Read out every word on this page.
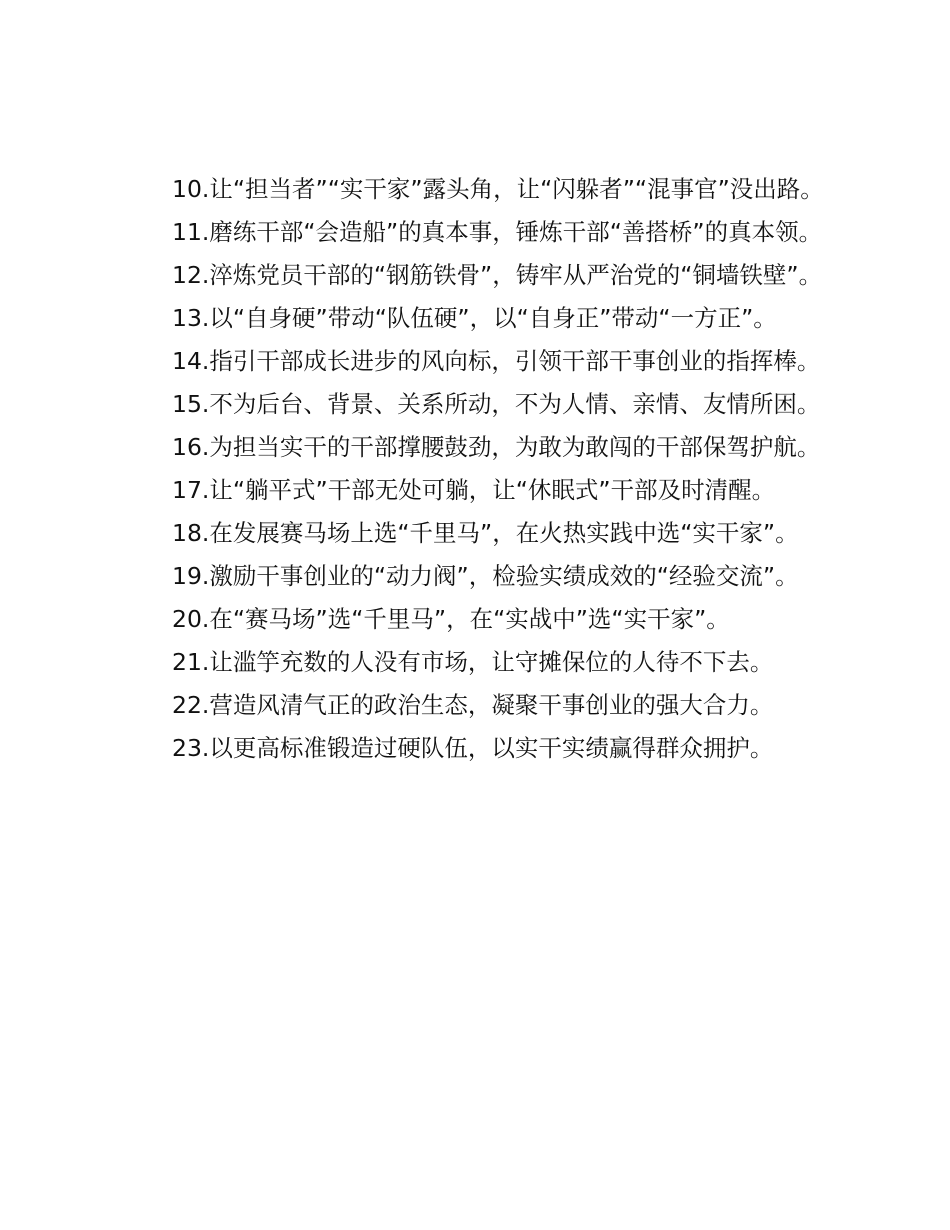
10.让“担当者”“实干家”露头角，让“闪躲者”“混事官”没出路。

11.磨练干部“会造船”的真本事，锤炼干部“善搭桥”的真本领。

12.淬炼党员干部的“钢筋铁骨”，铸牢从严治党的“铜墙铁壁”。

13.以“自身硬”带动“队伍硬”，以“自身正”带动“一方正”。

14.指引干部成长进步的风向标，引领干部干事创业的指挥棒。

15.不为后台、背景、关系所动，不为人情、亲情、友情所困。

16.为担当实干的干部撑腰鼓劲，为敢为敢闯的干部保驾护航。

17.让“躺平式”干部无处可躺，让“休眠式”干部及时清醒。

18.在发展赛马场上选“千里马”，在火热实践中选“实干家”。

19.激励干事创业的“动力阀”，检验实绩成效的“经验交流”。

20.在“赛马场”选“千里马”，在“实战中”选“实干家”。

21.让滥竽充数的人没有市场，让守摊保位的人待不下去。

22.营造风清气正的政治生态，凝聚干事创业的强大合力。

23.以更高标准锻造过硬队伍，以实干实绩赢得群众拥护。
